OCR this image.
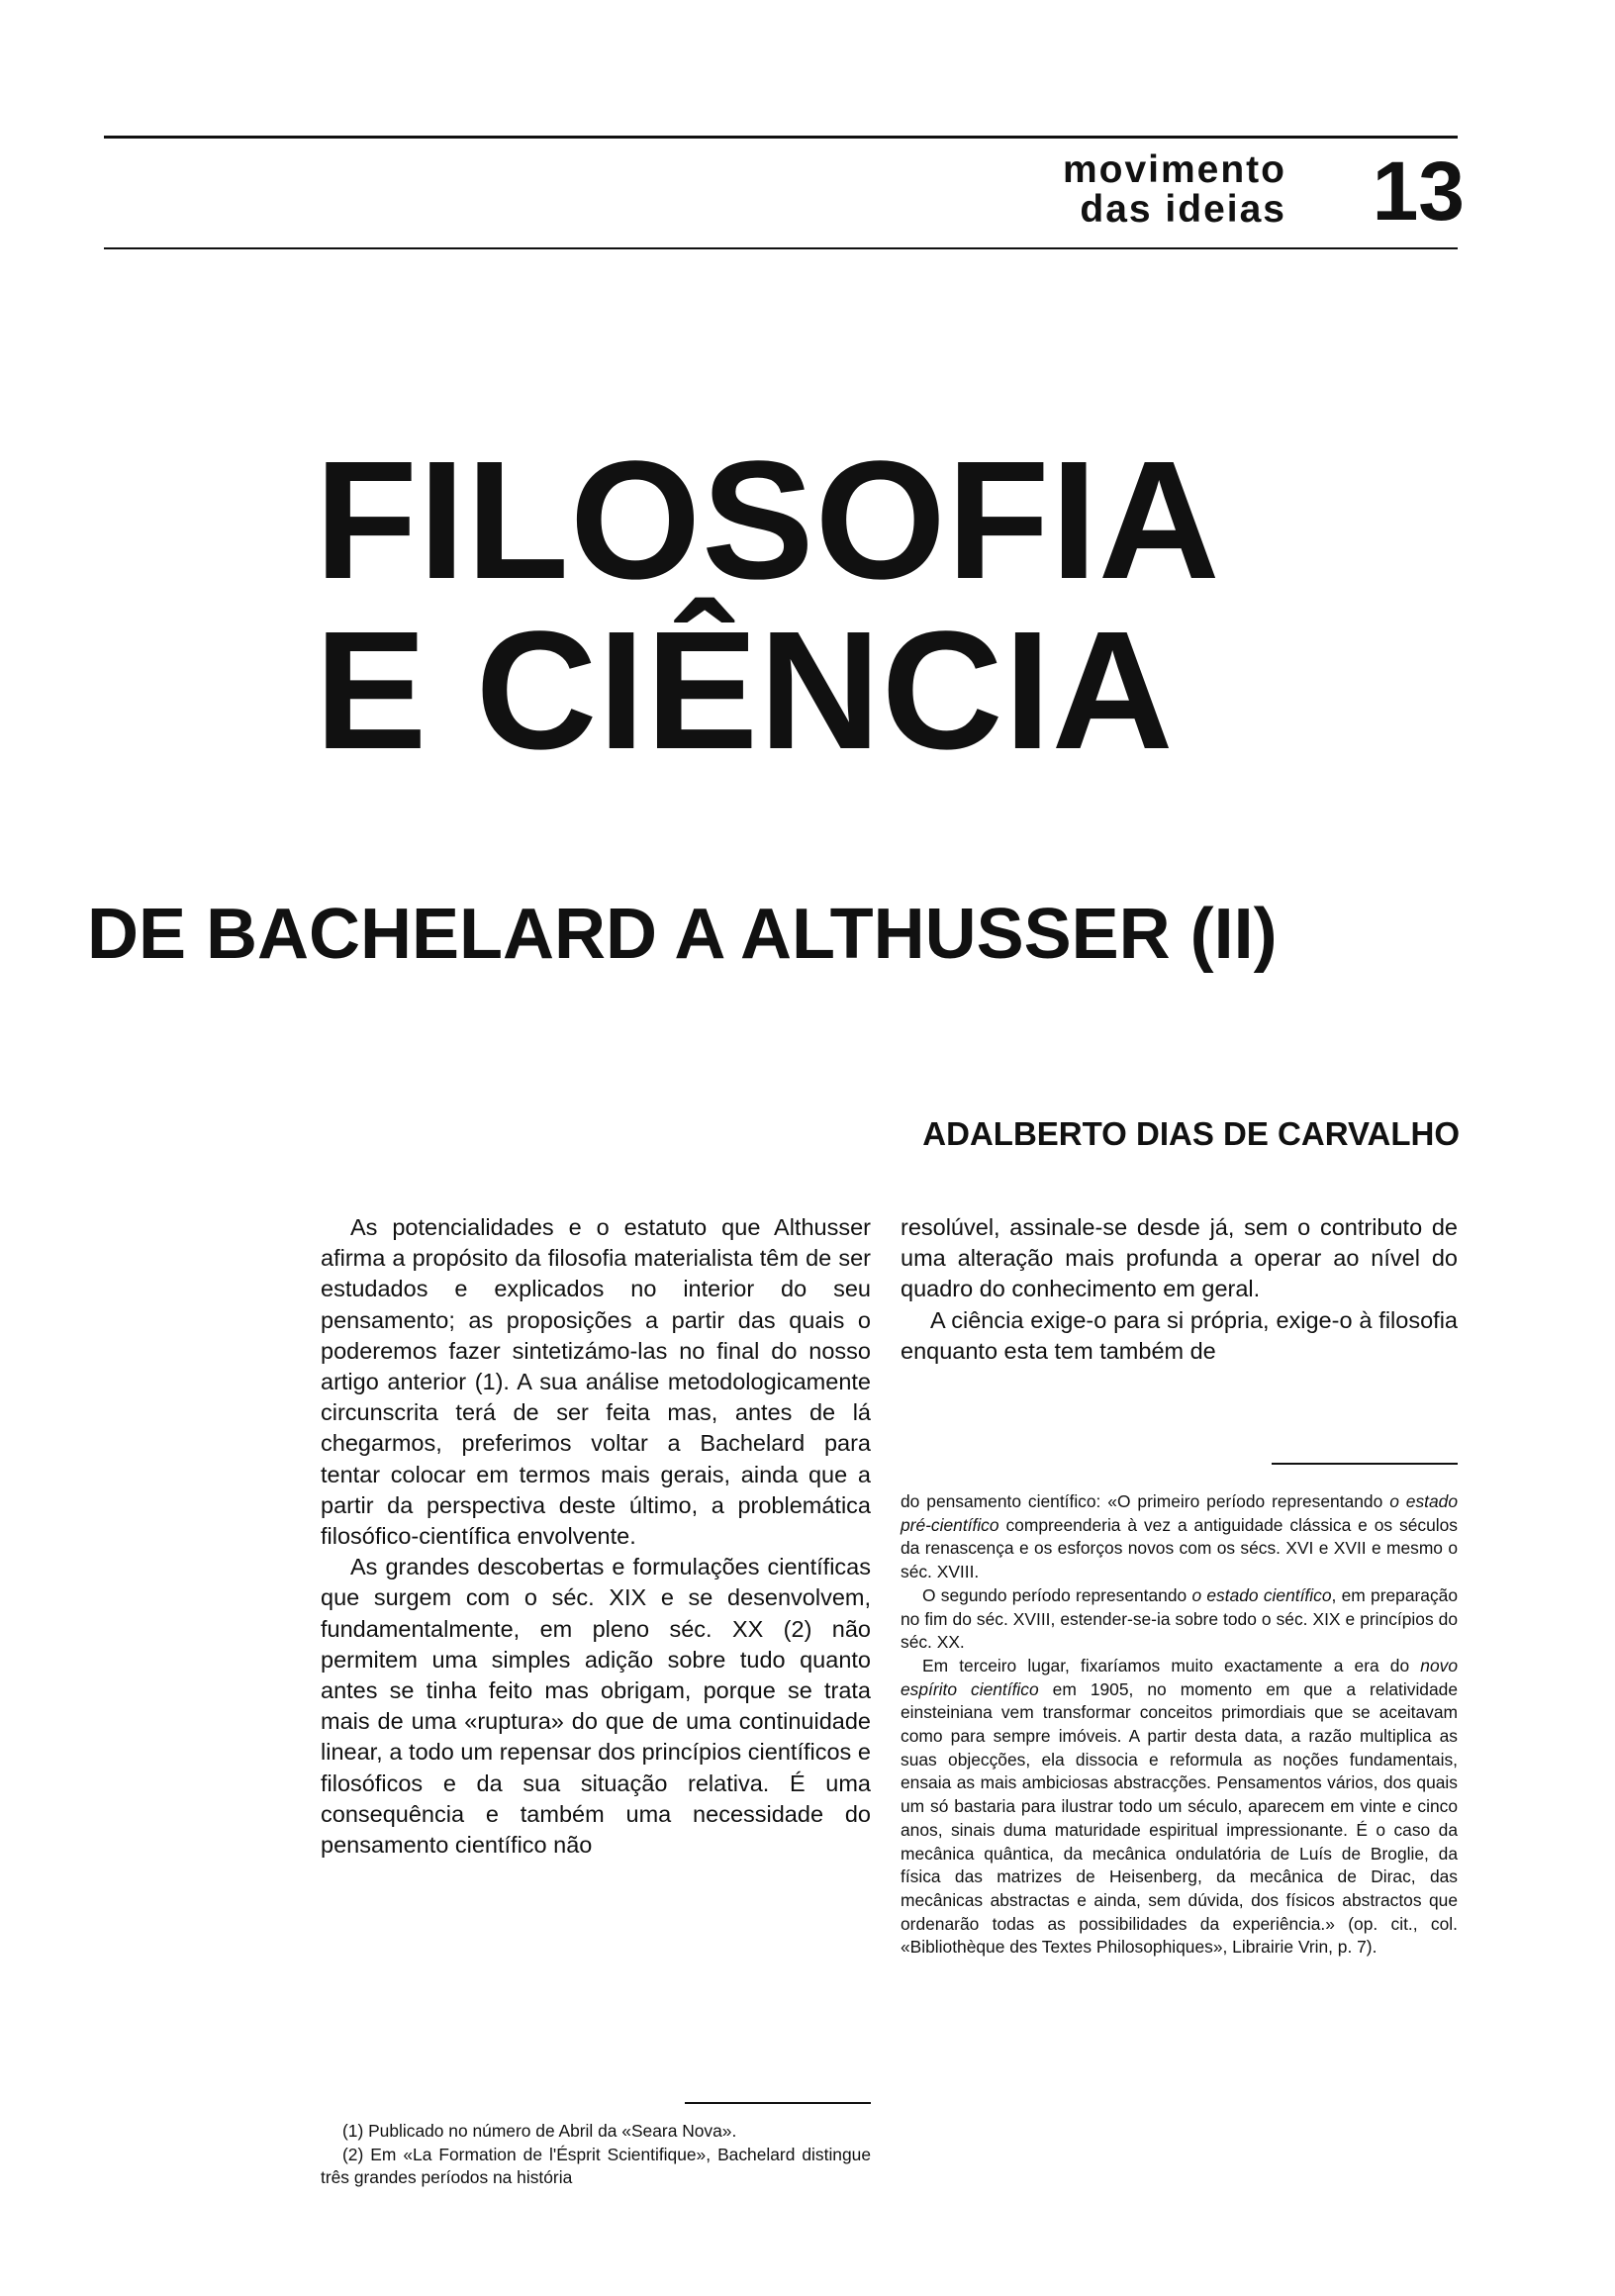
movimento
das ideias	13
FILOSOFIA
E CIÊNCIA
DE BACHELARD A ALTHUSSER (II)
ADALBERTO DIAS DE CARVALHO

As potencialidades e o estatuto que Althusser afirma a propósito da filosofia materialista têm de ser estudados e explicados no interior do seu pensamento; as proposições a partir das quais o poderemos fazer sintetizámo-las no final do nosso artigo anterior (1). A sua análise metodologicamente circunscrita terá de ser feita mas, antes de lá chegarmos, preferimos voltar a Bachelard para tentar colocar em termos mais gerais, ainda que a partir da perspectiva deste último, a problemática filosófico-científica envolvente.

As grandes descobertas e formulações científicas que surgem com o séc. XIX e se desenvolvem, fundamentalmente, em pleno séc. XX (2) não permitem uma simples adição sobre tudo quanto antes se tinha feito mas obrigam, porque se trata mais de uma «ruptura» do que de uma continuidade linear, a todo um repensar dos princípios científicos e filosóficos e da sua situação relativa. É uma consequência e também uma necessidade do pensamento científico não

resolúvel, assinale-se desde já, sem o contributo de uma alteração mais profunda a operar ao nível do quadro do conhecimento em geral.

A ciência exige-o para si própria, exige-o à filosofia enquanto esta tem também de

do pensamento científico: «O primeiro período representando o estado pré-científico compreenderia à vez a antiguidade clássica e os séculos da renascença e os esforços novos com os sécs. XVI e XVII e mesmo o séc. XVIII.

O segundo período representando o estado científico, em preparação no fim do séc. XVIII, estender-se-ia sobre todo o séc. XIX e princípios do séc. XX.

Em terceiro lugar, fixaríamos muito exactamente a era do novo espírito científico em 1905, no momento em que a relatividade einsteiniana vem transformar conceitos primordiais que se aceitavam como para sempre imóveis. A partir desta data, a razão multiplica as suas objecções, ela dissocia e reformula as noções fundamentais, ensaia as mais ambiciosas abstracções. Pensamentos vários, dos quais um só bastaria para ilustrar todo um século, aparecem em vinte e cinco anos, sinais duma maturidade espiritual impressionante. É o caso da mecânica quântica, da mecânica ondulatória de Luís de Broglie, da física das matrizes de Heisenberg, da mecânica de Dirac, das mecânicas abstractas e ainda, sem dúvida, dos físicos abstractos que ordenarão todas as possibilidades da experiência.» (op. cit., col. «Bibliothèque des Textes Philosophiques», Librairie Vrin, p. 7).

(1) Publicado no número de Abril da «Seara Nova».

(2) Em «La Formation de l'Ésprit Scientifique», Bachelard distingue três grandes períodos na história
